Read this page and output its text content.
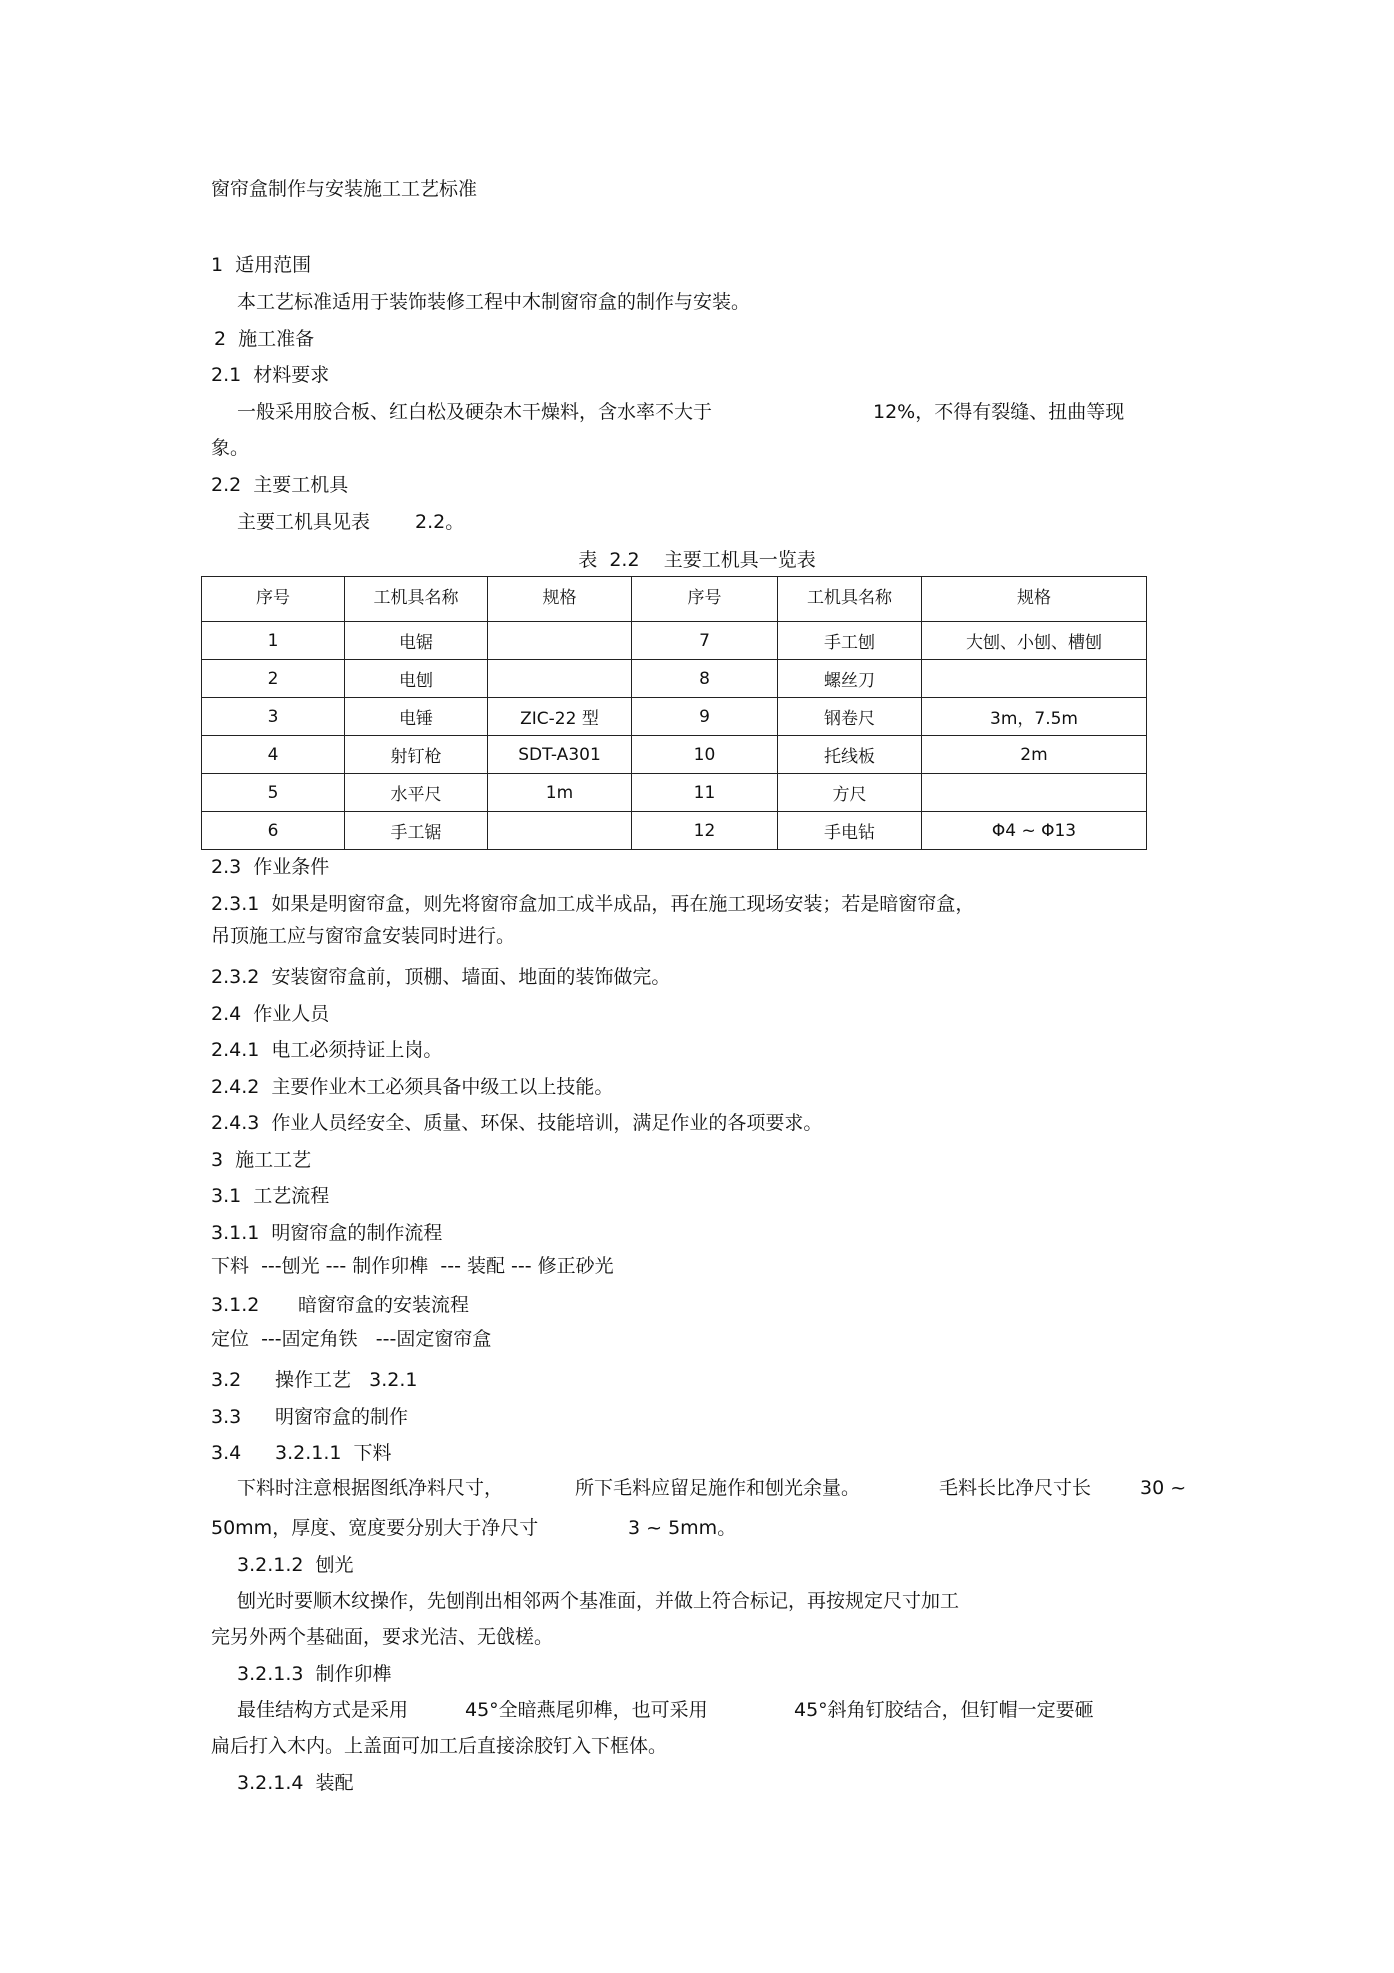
窗帘盒制作与安装施工工艺标准
1  适用范围
本工艺标准适用于装饰装修工程中木制窗帘盒的制作与安装。
2  施工准备
2.1  材料要求
一般采用胶合板、红白松及硬杂木干燥料，含水率不大于	12%，不得有裂缝、扭曲等现
象。
2.2  主要工机具
主要工机具见表 2.2。
表  2.2    主要工机具一览表
序号	工机具名称	规格	序号	工机具名称	规格
1	电锯		7	手工刨	大刨、小刨、槽刨
2	电刨		8	螺丝刀	
3	电锤	ZIC-22 型	9	钢卷尺	3m，7.5m
4	射钉枪	SDT-A301	10	托线板	2m
5	水平尺	1m	11	方尺	
6	手工锯		12	手电钻	Φ4 ~ Φ13
2.3  作业条件
2.3.1  如果是明窗帘盒，则先将窗帘盒加工成半成品，再在施工现场安装；若是暗窗帘盒，
吊顶施工应与窗帘盒安装同时进行。
2.3.2  安装窗帘盒前，顶棚、墙面、地面的装饰做完。
2.4  作业人员
2.4.1  电工必须持证上岗。
2.4.2  主要作业木工必须具备中级工以上技能。
2.4.3  作业人员经安全、质量、环保、技能培训，满足作业的各项要求。
3  施工工艺
3.1  工艺流程
3.1.1  明窗帘盒的制作流程
下料  ---刨光 --- 制作卯榫  --- 装配 --- 修正砂光
3.1.2 暗窗帘盒的安装流程
定位  ---固定角铁   ---固定窗帘盒
3.2 操作工艺   3.2.1
3.3 明窗帘盒的制作
3.4 3.2.1.1  下料
下料时注意根据图纸净料尺寸，	所下毛料应留足施作和刨光余量。	毛料长比净尺寸长	30 ~
50mm，厚度、宽度要分别大于净尺寸	3 ~ 5mm。
3.2.1.2  刨光
刨光时要顺木纹操作，先刨削出相邻两个基准面，并做上符合标记，再按规定尺寸加工
完另外两个基础面，要求光洁、无戗槎。
3.2.1.3  制作卯榫
最佳结构方式是采用	45°全暗燕尾卯榫，也可采用	45°斜角钉胶结合，但钉帽一定要砸
扁后打入木内。上盖面可加工后直接涂胶钉入下框体。
3.2.1.4  装配
